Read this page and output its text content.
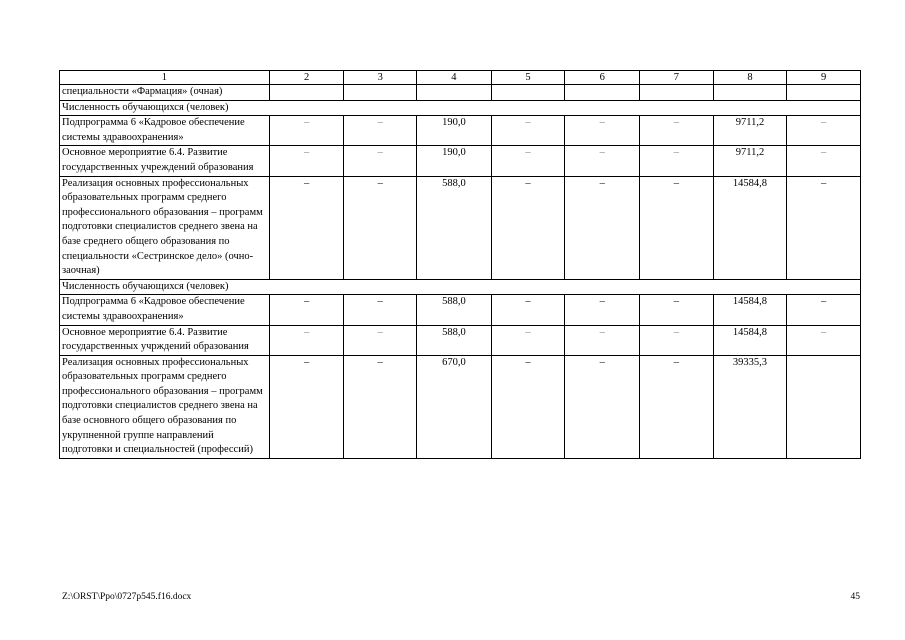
1	2	3	4	5	6	7	8	9
специальности «Фармация» (очная)								
Численность обучающихся (человек)								
Подпрограмма 6 «Кадровое обеспечение системы здравоохранения»	–	–	190,0	–	–	–	9711,2	–
Основное мероприятие 6.4. Развитие государственных учреждений образования	–	–	190,0	–	–	–	9711,2	–
Реализация основных профессиональных образовательных программ среднего профессионального образования – программ подготовки специалистов среднего звена на базе среднего общего образования по специальности «Сестринское дело» (очно-заочная)	–	–	588,0	–	–	–	14584,8	–
Численность обучающихся (человек)								
Подпрограмма 6 «Кадровое обеспечение системы здравоохранения»	–	–	588,0	–	–	–	14584,8	–
Основное мероприятие 6.4. Развитие государственных учрждений образования	–	–	588,0	–	–	–	14584,8	–
Реализация основных профессиональных образовательных программ среднего профессионального образования – программ подготовки специалистов среднего звена на базе основного общего образования по укрупненной группе направлений подготовки и специальностей (профессий)	–	–	670,0	–	–	–	39335,3	
Z:\ORST\Ppo\0727p545.f16.docx	45
